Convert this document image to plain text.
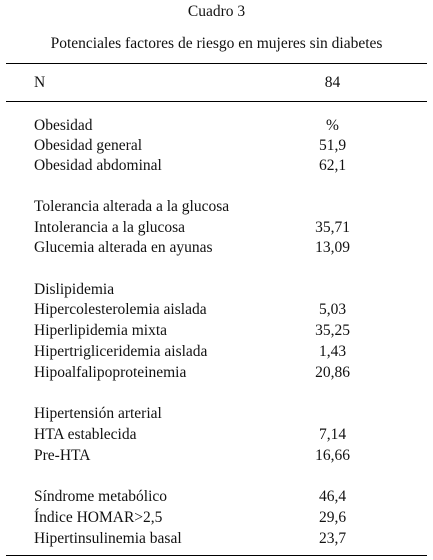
Cuadro 3
Potenciales factores de riesgo en mujeres sin diabetes
N	84
Obesidad	%
Obesidad general	51,9
Obesidad abdominal	62,1
Tolerancia alterada a la glucosa
Intolerancia a la glucosa	35,71
Glucemia alterada en ayunas	13,09
Dislipidemia
Hipercolesterolemia aislada	5,03
Hiperlipidemia mixta	35,25
Hipertrigliceridemia aislada	1,43
Hipoalfalipoproteinemia	20,86
Hipertensión arterial
HTA establecida	7,14
Pre-HTA	16,66
Síndrome metabólico	46,4
Índice HOMAR>2,5	29,6
Hipertinsulinemia basal	23,7
